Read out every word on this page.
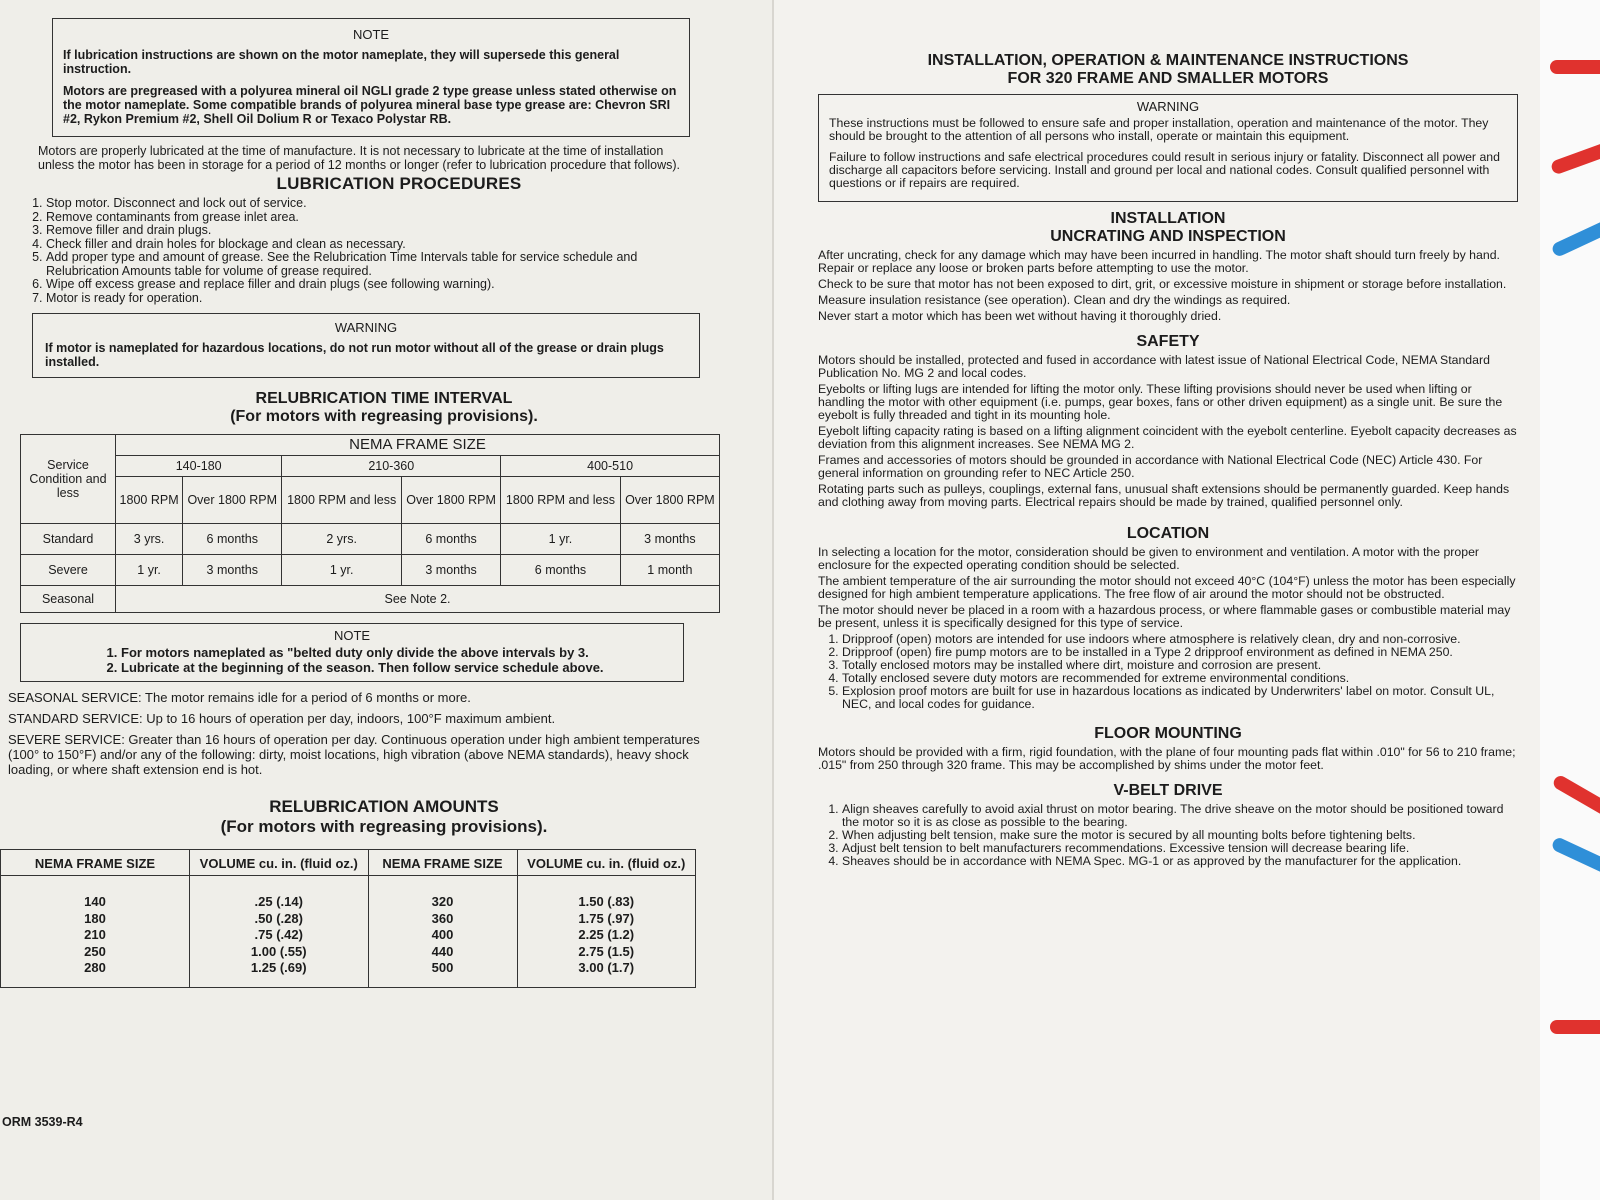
NOTE
If lubrication instructions are shown on the motor nameplate, they will supersede this general instruction.
Motors are pregreased with a polyurea mineral oil NGLI grade 2 type grease unless stated otherwise on the motor nameplate. Some compatible brands of polyurea mineral base type grease are: Chevron SRI #2, Rykon Premium #2, Shell Oil Dolium R or Texaco Polystar RB.
Motors are properly lubricated at the time of manufacture. It is not necessary to lubricate at the time of installation unless the motor has been in storage for a period of 12 months or longer (refer to lubrication procedure that follows).
LUBRICATION PROCEDURES
1. Stop motor. Disconnect and lock out of service.
2. Remove contaminants from grease inlet area.
3. Remove filler and drain plugs.
4. Check filler and drain holes for blockage and clean as necessary.
5. Add proper type and amount of grease. See the Relubrication Time Intervals table for service schedule and Relubrication Amounts table for volume of grease required.
6. Wipe off excess grease and replace filler and drain plugs (see following warning).
7. Motor is ready for operation.
WARNING
If motor is nameplated for hazardous locations, do not run motor without all of the grease or drain plugs installed.
RELUBRICATION TIME INTERVAL
(For motors with regreasing provisions).
Service Condition and less	NEMA FRAME SIZE					
	140-180		210-360		400-510	
	1800 RPM	Over 1800 RPM	1800 RPM and less	Over 1800 RPM	1800 RPM and less	Over 1800 RPM
Standard	3 yrs.	6 months	2 yrs.	6 months	1 yr.	3 months
Severe	1 yr.	3 months	1 yr.	3 months	6 months	1 month
Seasonal	See Note 2.					
NOTE
1. For motors nameplated as "belted duty only divide the above intervals by 3.
2. Lubricate at the beginning of the season. Then follow service schedule above.

SEASONAL SERVICE: The motor remains idle for a period of 6 months or more.

STANDARD SERVICE: Up to 16 hours of operation per day, indoors, 100°F maximum ambient.

SEVERE SERVICE: Greater than 16 hours of operation per day. Continuous operation under high ambient temperatures (100° to 150°F) and/or any of the following: dirty, moist locations, high vibration (above NEMA standards), heavy shock loading, or where shaft extension end is hot.

RELUBRICATION AMOUNTS
(For motors with regreasing provisions).
NEMA FRAME SIZE	VOLUME cu. in. (fluid oz.)	NEMA FRAME SIZE	VOLUME cu. in. (fluid oz.)
140	.25 (.14)	320	1.50 (.83)
180	.50 (.28)	360	1.75 (.97)
210	.75 (.42)	400	2.25 (1.2)
250	1.00 (.55)	440	2.75 (1.5)
280	1.25 (.69)	500	3.00 (1.7)
ORM 3539-R4
INSTALLATION, OPERATION & MAINTENANCE INSTRUCTIONS
FOR 320 FRAME AND SMALLER MOTORS
WARNING
These instructions must be followed to ensure safe and proper installation, operation and maintenance of the motor. They should be brought to the attention of all persons who install, operate or maintain this equipment.
Failure to follow instructions and safe electrical procedures could result in serious injury or fatality. Disconnect all power and discharge all capacitors before servicing. Install and ground per local and national codes. Consult qualified personnel with questions or if repairs are required.
INSTALLATION
UNCRATING AND INSPECTION

After uncrating, check for any damage which may have been incurred in handling. The motor shaft should turn freely by hand. Repair or replace any loose or broken parts before attempting to use the motor.

Check to be sure that motor has not been exposed to dirt, grit, or excessive moisture in shipment or storage before installation.

Measure insulation resistance (see operation). Clean and dry the windings as required.

Never start a motor which has been wet without having it thoroughly dried.

SAFETY

Motors should be installed, protected and fused in accordance with latest issue of National Electrical Code, NEMA Standard Publication No. MG 2 and local codes.

Eyebolts or lifting lugs are intended for lifting the motor only. These lifting provisions should never be used when lifting or handling the motor with other equipment (i.e. pumps, gear boxes, fans or other driven equipment) as a single unit. Be sure the eyebolt is fully threaded and tight in its mounting hole.

Eyebolt lifting capacity rating is based on a lifting alignment coincident with the eyebolt centerline. Eyebolt capacity decreases as deviation from this alignment increases. See NEMA MG 2.

Frames and accessories of motors should be grounded in accordance with National Electrical Code (NEC) Article 430. For general information on grounding refer to NEC Article 250.

Rotating parts such as pulleys, couplings, external fans, unusual shaft extensions should be permanently guarded. Keep hands and clothing away from moving parts. Electrical repairs should be made by trained, qualified personnel only.

LOCATION

In selecting a location for the motor, consideration should be given to environment and ventilation. A motor with the proper enclosure for the expected operating condition should be selected.

The ambient temperature of the air surrounding the motor should not exceed 40°C (104°F) unless the motor has been especially designed for high ambient temperature applications. The free flow of air around the motor should not be obstructed.

The motor should never be placed in a room with a hazardous process, or where flammable gases or combustible material may be present, unless it is specifically designed for this type of service.

1. Dripproof (open) motors are intended for use indoors where atmosphere is relatively clean, dry and non-corrosive.
2. Dripproof (open) fire pump motors are to be installed in a Type 2 dripproof environment as defined in NEMA 250.
3. Totally enclosed motors may be installed where dirt, moisture and corrosion are present.
4. Totally enclosed severe duty motors are recommended for extreme environmental conditions.
5. Explosion proof motors are built for use in hazardous locations as indicated by Underwriters' label on motor. Consult UL, NEC, and local codes for guidance.
FLOOR MOUNTING

Motors should be provided with a firm, rigid foundation, with the plane of four mounting pads flat within .010" for 56 to 210 frame; .015" from 250 through 320 frame. This may be accomplished by shims under the motor feet.

V-BELT DRIVE
1. Align sheaves carefully to avoid axial thrust on motor bearing. The drive sheave on the motor should be positioned toward the motor so it is as close as possible to the bearing.
2. When adjusting belt tension, make sure the motor is secured by all mounting bolts before tightening belts.
3. Adjust belt tension to belt manufacturers recommendations. Excessive tension will decrease bearing life.
4. Sheaves should be in accordance with NEMA Spec. MG-1 or as approved by the manufacturer for the application.
